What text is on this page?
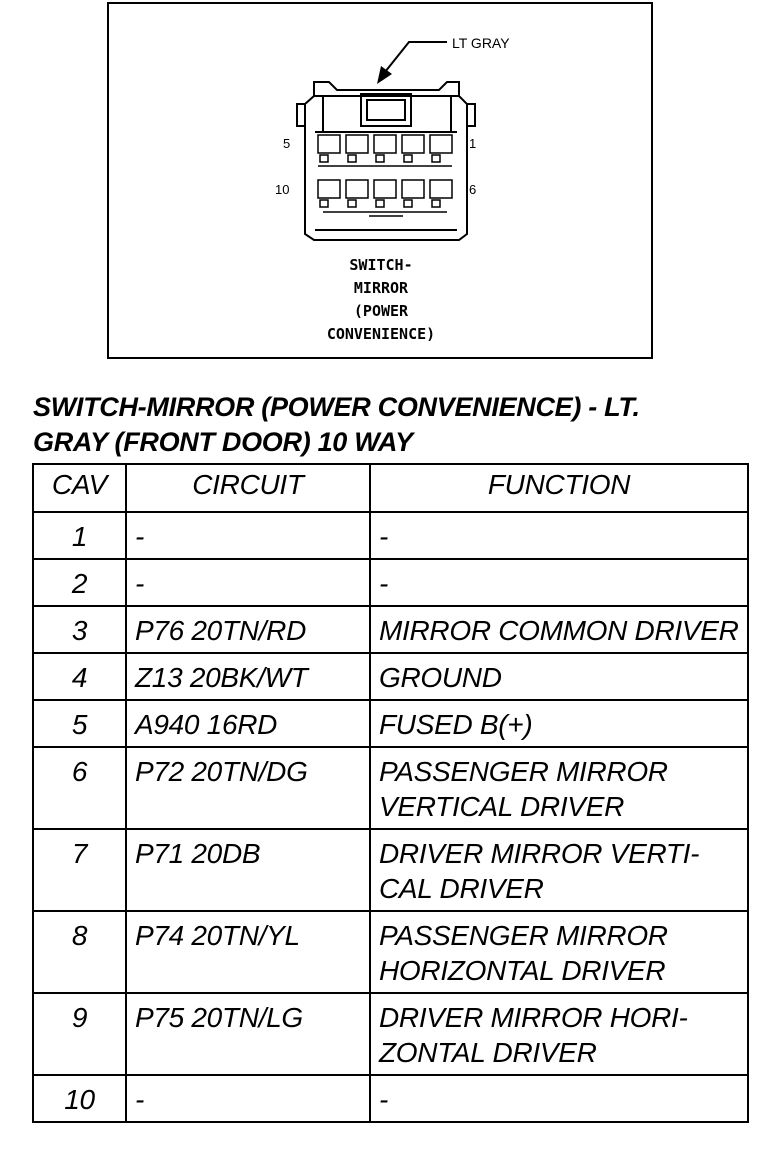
LT GRAY
5	1
10	6
SWITCH-
MIRROR
(POWER
CONVENIENCE)
SWITCH-MIRROR (POWER CONVENIENCE) - LT.
GRAY (FRONT DOOR) 10 WAY
CAV	CIRCUIT	FUNCTION
1	-	-
2	-	-
3	P76 20TN/RD	MIRROR COMMON DRIVER
4	Z13 20BK/WT	GROUND
5	A940 16RD	FUSED B(+)
6	P72 20TN/DG	PASSENGER MIRROR VERTICAL DRIVER
7	P71 20DB	DRIVER MIRROR VERTI-CAL DRIVER
8	P74 20TN/YL	PASSENGER MIRROR HORIZONTAL DRIVER
9	P75 20TN/LG	DRIVER MIRROR HORI-ZONTAL DRIVER
10	-	-
